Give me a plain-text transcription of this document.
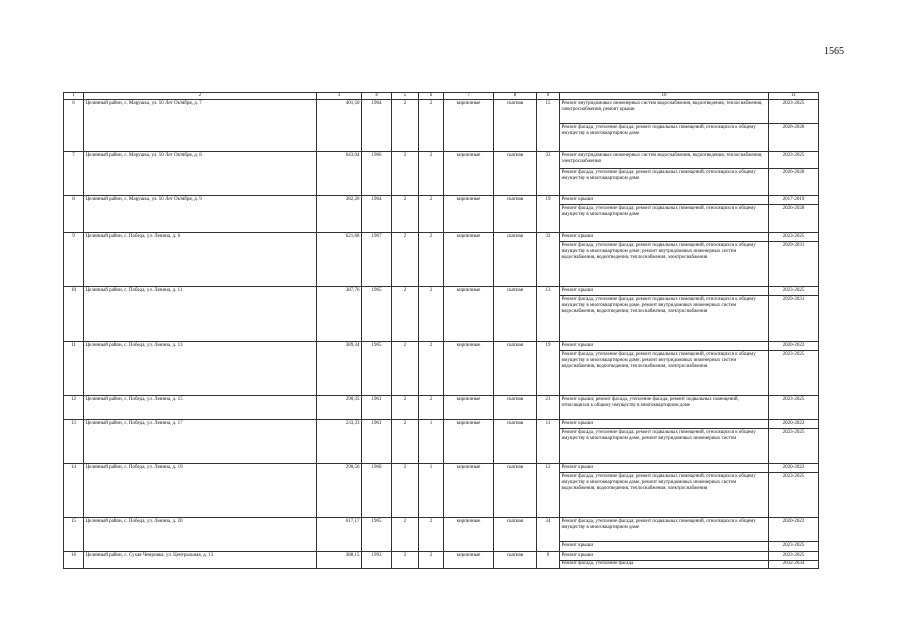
1565
1	2	3	4	5	6	7	8	9	10	11
6	Целинный район, с. Марушка, ул. 50 Лет Октября, д. 7	401,50	1964	2	2	кирпичные	скатная	15	Ремонт внутридомовых инженерных систем водоснабжения, водоотведения, теплоснабжения, электроснабжения, ремонт крыши	2023-2025
									Ремонт фасада, утепление фасада; ремонт подвальных помещений, относящихся к общему имуществу в многоквартирном доме	2026-2028
7	Целинный район, с. Марушка, ул. 50 Лет Октября, д. 8	643,04	1966	2	2	кирпичные	скатная	33	Ремонт внутридомовых инженерных систем водоснабжения, водоотведения, теплоснабжения, электроснабжения	2023-2025
									Ремонт фасада, утепление фасада; ремонт подвальных помещений, относящихся к общему имуществу в многоквартирном доме	2026-2028
8	Целинный район, с. Марушка, ул. 50 Лет Октября, д. 9	382,20	1964	2	2	кирпичные	скатная	19	Ремонт крыши	2017-2019
									Ремонт фасада, утепление фасада; ремонт подвальных помещений, относящихся к общему имуществу в многоквартирном доме	2026-2028
9	Целинный район, с. Победа, ул. Ленина, д. 6	621,68	1967	2	2	кирпичные	скатная	32	Ремонт крыши	2023-2025
									Ремонт фасада, утепление фасада; ремонт подвальных помещений, относящихся к общему имуществу в многоквартирном доме; ремонт внутридомовых инженерных систем водоснабжения, водоотведения, теплоснабжения, электроснабжения	2029-2031
10	Целинный район, с. Победа, ул. Ленина, д. 11	387,76	1965	2	2	кирпичные	скатная	13	Ремонт крыши	2023-2025
									Ремонт фасада, утепление фасада; ремонт подвальных помещений, относящихся к общему имуществу в многоквартирном доме, ремонт внутридомовых инженерных систем водоснабжения, водоотведения, теплоснабжения, электроснабжения	2029-2031
11	Целинный район, с. Победа, ул. Ленина, д. 13	389,34	1965	2	2	кирпичные	скатная	19	Ремонт крыши	2020-2022
									Ремонт фасада, утепление фасада; ремонт подвальных помещений, относящихся к общему имуществу в многоквартирном доме; ремонт внутридомовых инженерных систем водоснабжения, водоотведения, теплоснабжения, электроснабжения	2023-2025
12	Целинный район, с. Победа, ул. Ленина, д. 15	390,35	1961	2	2	кирпичные	скатная	21	Ремонт крыши; ремонт фасада, утепление фасада; ремонт подвальных помещений, относящихся к общему имуществу в многоквартирном доме	2023-2025
13	Целинный район, с. Победа, ул. Ленина, д. 17	233,33	1961	2	1	кирпичные	скатная	11	Ремонт крыши	2020-2022
									Ремонт фасада, утепление фасада; ремонт подвальных помещений, относящихся к общему имуществу в многоквартирном доме, ремонт внутридомовых инженерных систем	2023-2025
14	Целинный район, с. Победа, ул. Ленина, д. 19	290,56	1960	2	1	кирпичные	скатная	12	Ремонт крыши	2020-2022
									Ремонт фасада, утепление фасада; ремонт подвальных помещений, относящихся к общему имуществу в многоквартирном доме, ремонт внутридомовых инженерных систем водоснабжения, водоотведения, теплоснабжения, электроснабжения	2023-2025
15	Целинный район, с. Победа, ул. Ленина, д. 20	617,17	1965	2	2	кирпичные	скатная	34	Ремонт фасада, утепление фасада; ремонт подвальных помещений, относящихся к общему имуществу в многоквартирном доме	2020-2022
									Ремонт крыши	2023-2025
16	Целинный район, с. Сухая Чемровка, ул. Центральная, д. 13	388,15	1993	2	2	кирпичные	скатная	9	Ремонт крыши	2023-2025
									Ремонт фасада, утепление фасада	2032-2034
